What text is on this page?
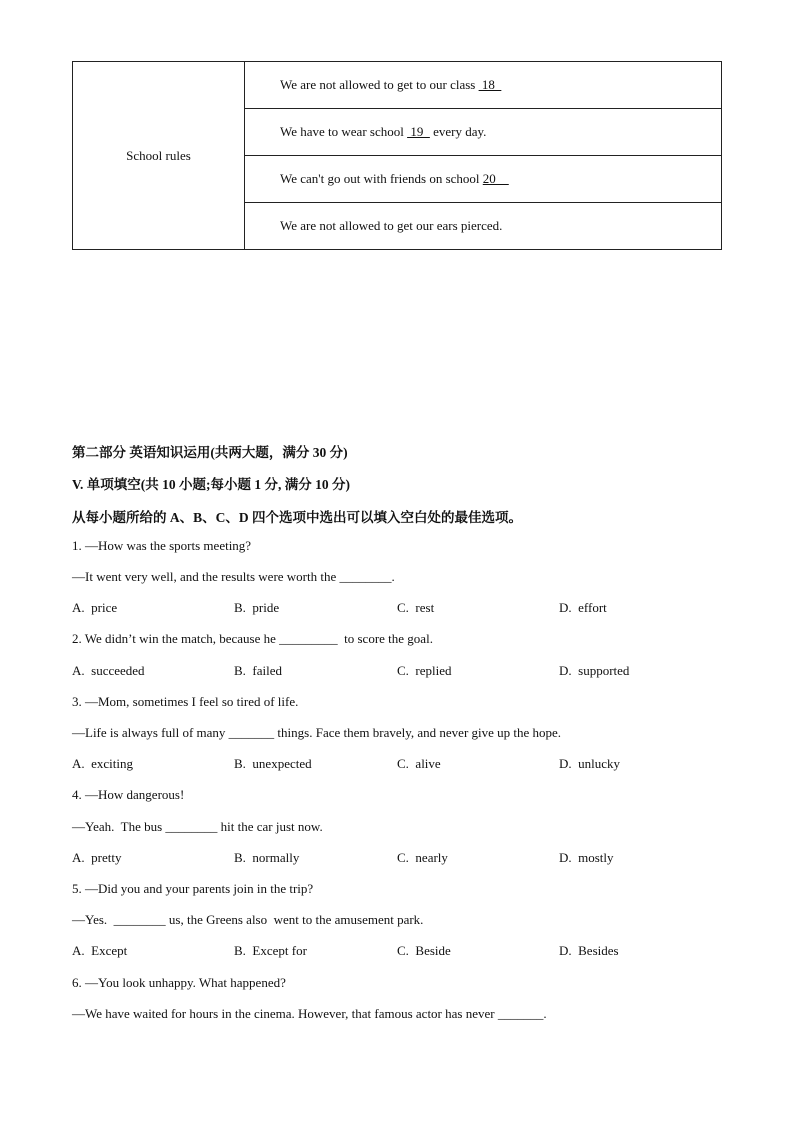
School rules	We are not allowed to get to our class  18
We have to wear school  19   every day.
We can't go out with friends on school 20
We are not allowed to get our ears pierced.
第二部分 英语知识运用(共两大题，满分 30 分)
V. 单项填空(共 10 小题;每小题 1 分, 满分 10 分)
从每小题所给的 A、B、C、D 四个选项中选出可以填入空白处的最佳选项。
1. —How was the sports meeting?
—It went very well, and the results were worth the ________.
A.  price	B.  pride	C.  rest	D.  effort
2. We didn’t win the match, because he _________  to score the goal.
A.  succeeded	B.  failed	C.  replied	D.  supported
3. —Mom, sometimes I feel so tired of life.
—Life is always full of many _______ things. Face them bravely, and never give up the hope.
A.  exciting	B.  unexpected	C.  alive	D.  unlucky
4. —How dangerous!
—Yeah.  The bus ________ hit the car just now.
A.  pretty	B.  normally	C.  nearly	D.  mostly
5. —Did you and your parents join in the trip?
—Yes.  ________ us, the Greens also  went to the amusement park.
A.  Except	B.  Except for	C.  Beside	D.  Besides
6. —You look unhappy. What happened?
—We have waited for hours in the cinema. However, that famous actor has never _______.
